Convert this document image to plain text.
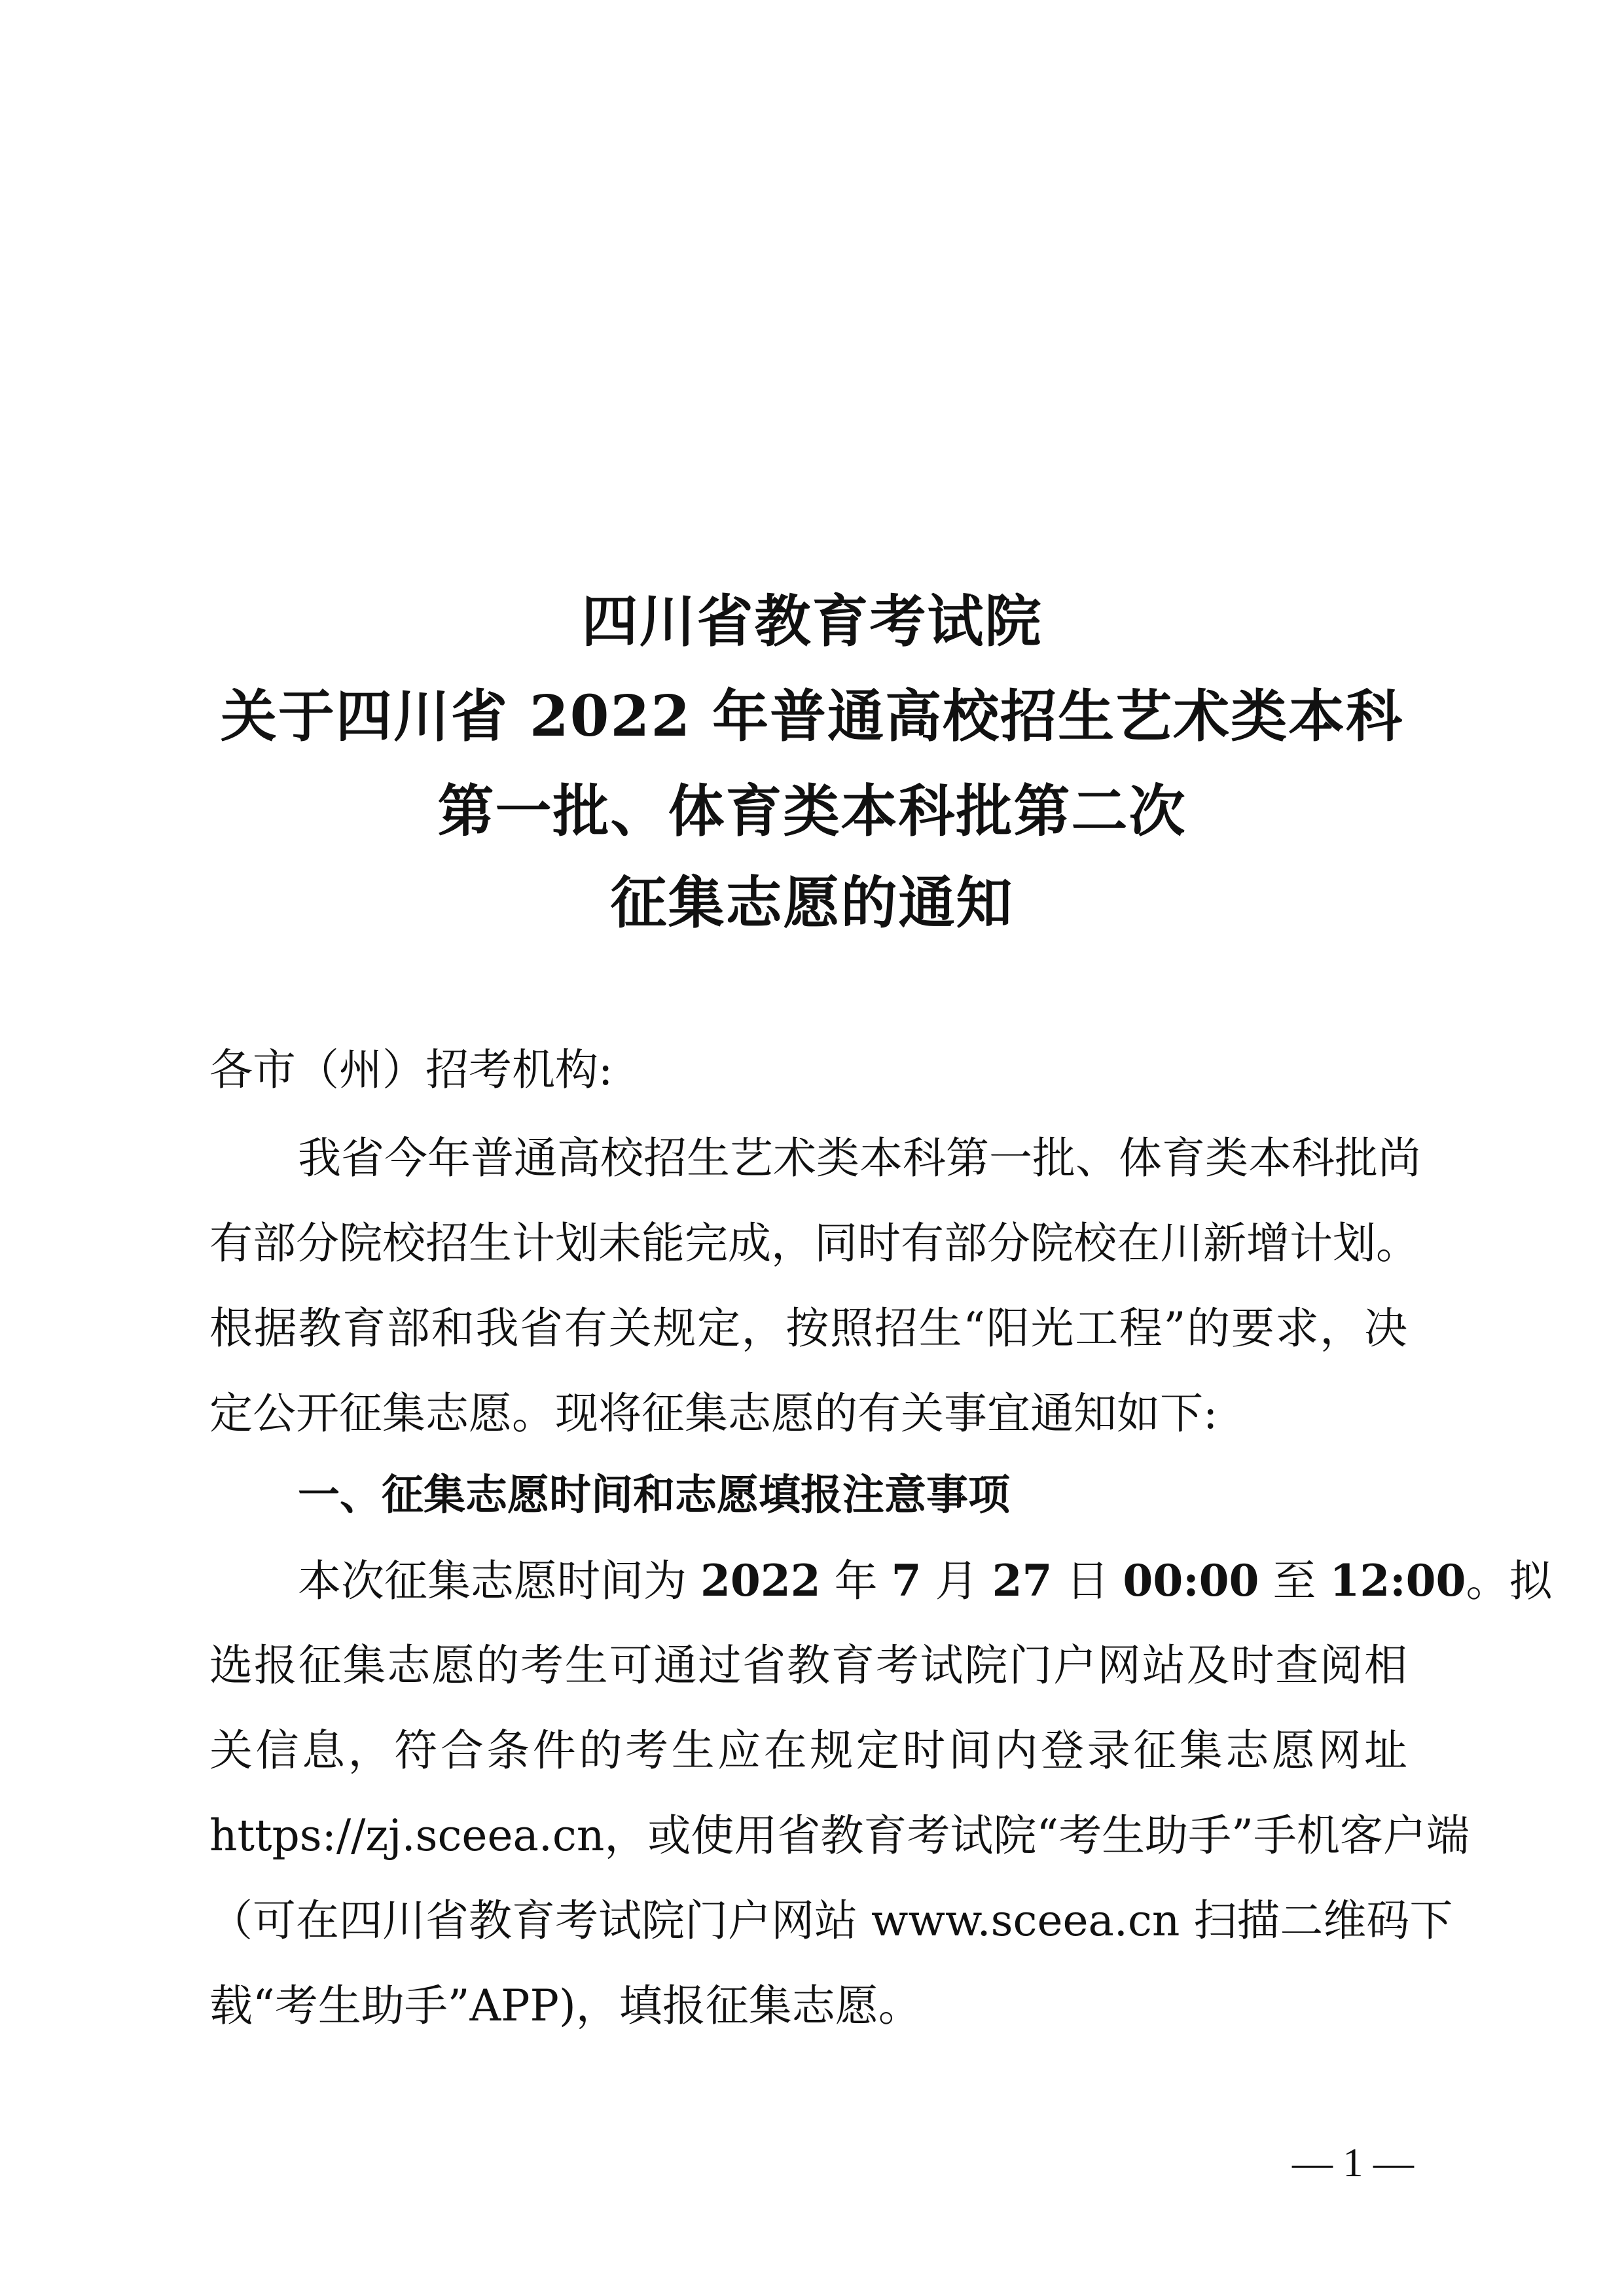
四川省教育考试院
关于四川省 2022 年普通高校招生艺术类本科
第一批、体育类本科批第二次
征集志愿的通知
各市（州）招考机构:
我省今年普通高校招生艺术类本科第一批、体育类本科批尚
有部分院校招生计划未能完成，同时有部分院校在川新增计划。
根据教育部和我省有关规定，按照招生“阳光工程”的要求，决
定公开征集志愿。现将征集志愿的有关事宜通知如下:
一、征集志愿时间和志愿填报注意事项
本次征集志愿时间为 2022 年 7 月 27 日 00:00 至 12:00。拟
选报征集志愿的考生可通过省教育考试院门户网站及时查阅相
关信息，符合条件的考生应在规定时间内登录征集志愿网址
https://zj.sceea.cn，或使用省教育考试院“考生助手”手机客户端
（可在四川省教育考试院门户网站 www.sceea.cn 扫描二维码下
载“考生助手”APP)，填报征集志愿。
— 1 —
